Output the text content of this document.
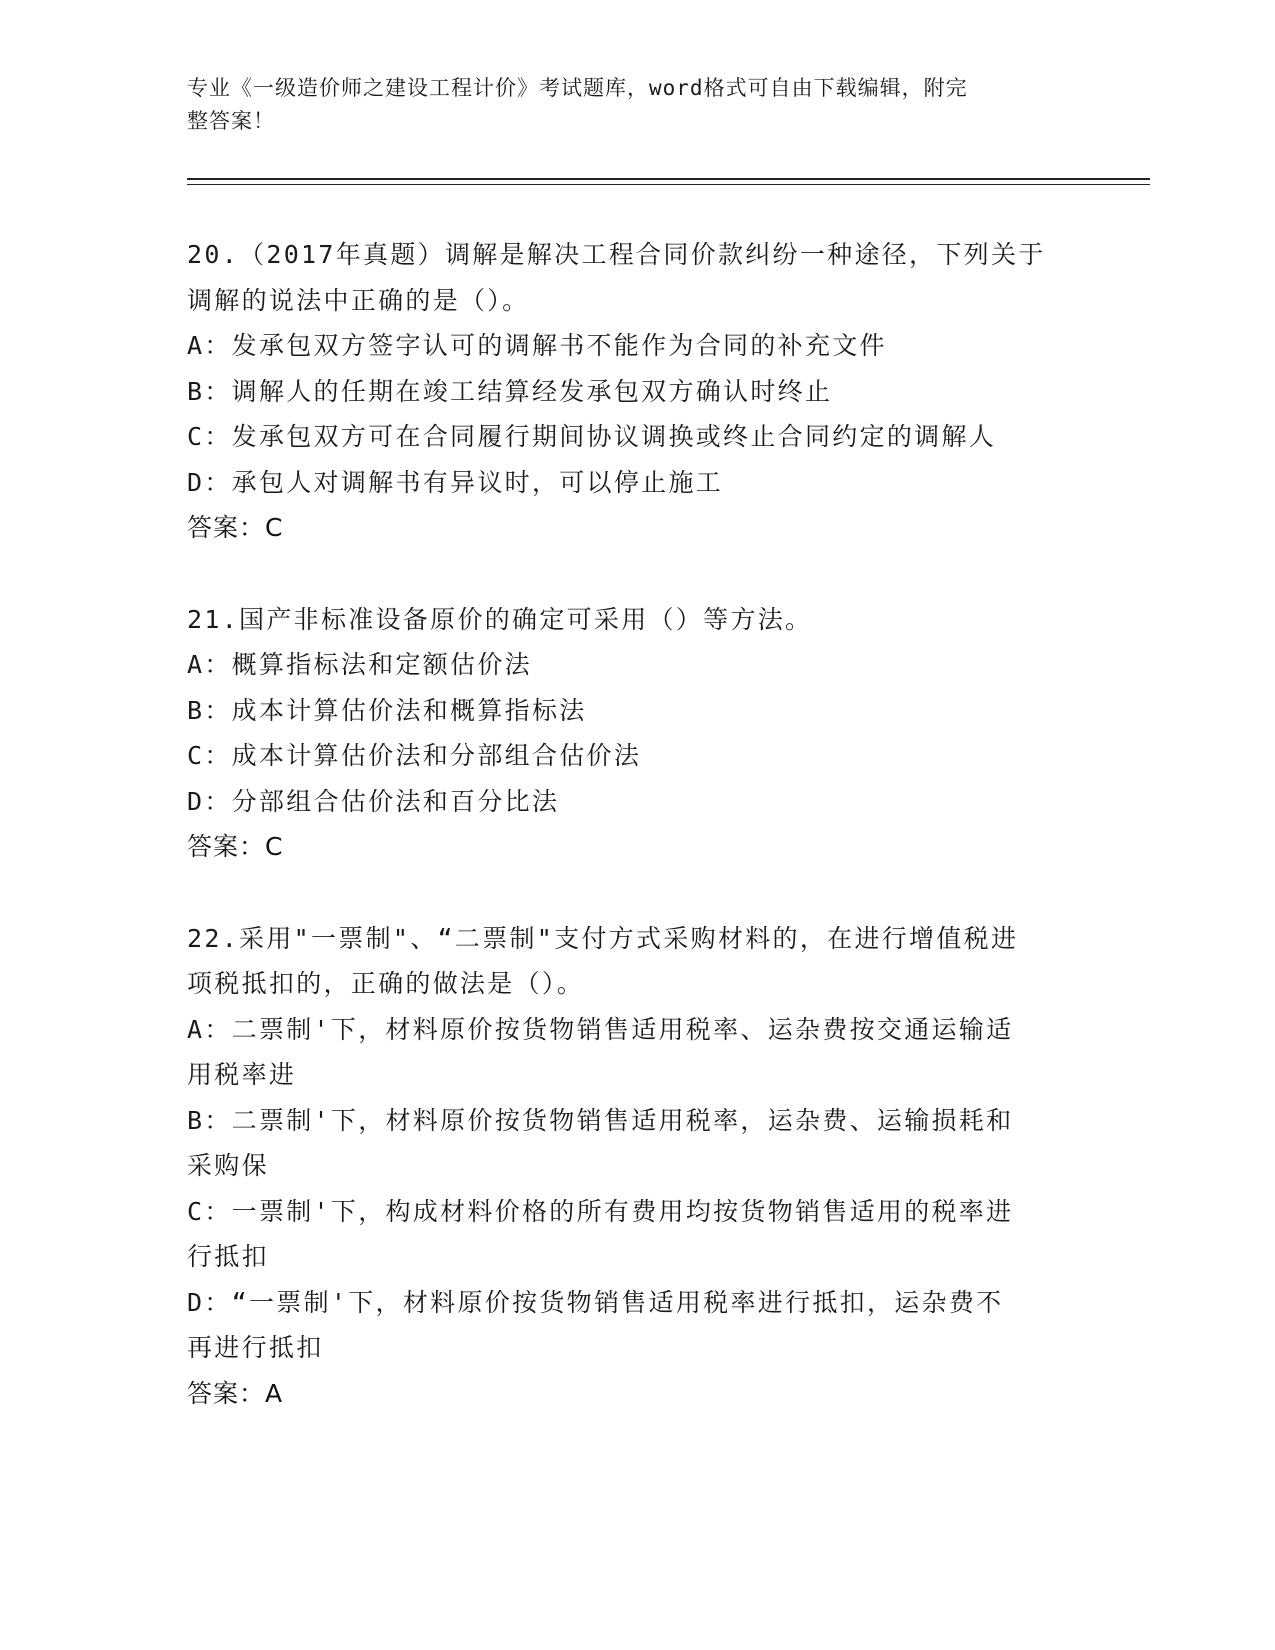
专业《一级造价师之建设工程计价》考试题库，word格式可自由下载编辑，附完
整答案！

20.（2017年真题）调解是解决工程合同价款纠纷一种途径，下列关于

调解的说法中正确的是（）。

A：发承包双方签字认可的调解书不能作为合同的补充文件

B：调解人的任期在竣工结算经发承包双方确认时终止

C：发承包双方可在合同履行期间协议调换或终止合同约定的调解人

D：承包人对调解书有异议时，可以停止施工

答案：C

21.国产非标准设备原价的确定可采用（）等方法。

A：概算指标法和定额估价法

B：成本计算估价法和概算指标法

C：成本计算估价法和分部组合估价法

D：分部组合估价法和百分比法

答案：C

22.采用"一票制"、“二票制"支付方式采购材料的，在进行增值税进

项税抵扣的，正确的做法是（）。

A：二票制'下，材料原价按货物销售适用税率、运杂费按交通运输适

用税率进

B：二票制'下，材料原价按货物销售适用税率，运杂费、运输损耗和

采购保

C：一票制'下，构成材料价格的所有费用均按货物销售适用的税率进

行抵扣

D：“一票制'下，材料原价按货物销售适用税率进行抵扣，运杂费不

再进行抵扣

答案：A
